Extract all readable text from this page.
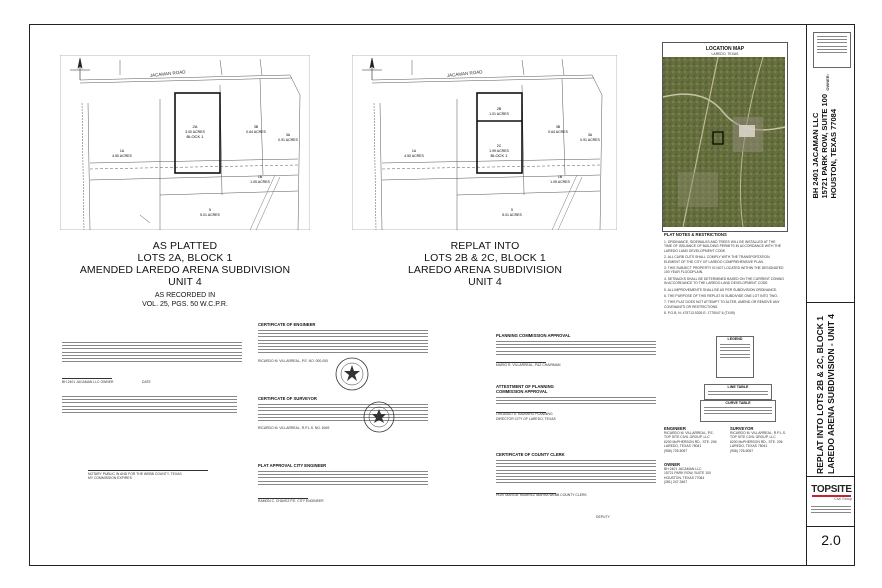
JACAMAN ROAD
2A
3.00 ACRES
BLOCK 1
1A
4.50 ACRES
3B
0.64 ACRES
3A
0.91 ACRES
1B
1.05 ACRES
5
5.01 ACRES
JACAMAN ROAD
2B
1.01 ACRES
2C
1.99 ACRES
BLOCK 1
1A
4.50 ACRES
3B
0.64 ACRES
3A
0.91 ACRES
1B
1.05 ACRES
5
5.01 ACRES
AS PLATTED
LOTS 2A, BLOCK 1
AMENDED LAREDO ARENA SUBDIVISION
UNIT 4
AS RECORDED IN
VOL. 25, PGS. 50 W.C.P.R.
REPLAT INTO
LOTS 2B & 2C, BLOCK 1
LAREDO ARENA SUBDIVISION
UNIT 4
LOCATION MAP
LAREDO, TEXAS
PLAT NOTES & RESTRICTIONS
1. ORDINANCE, SIDEWALKS AND TREES WILL BE INSTALLED AT THE TIME OF ISSUANCE OF BUILDING PERMITS IN ACCORDANCE WITH THE LAREDO LAND DEVELOPMENT CODE.
2. ALL CURB CUTS SHALL COMPLY WITH THE TRANSPORTATION ELEMENT OF THE CITY OF LAREDO COMPREHENSIVE PLAN.
3. THIS SUBJECT PROPERTY IS NOT LOCATED WITHIN THE DESIGNATED 100 YEAR FLOODPLAIN.
4. SETBACKS SHALL BE DETERMINED BASED ON THE CURRENT ZONING IN ACCORDANCE TO THE LAREDO LAND DEVELOPMENT CODE.
5. ALL IMPROVEMENTS SHALL BE AS PER SUBDIVISION ORDINANCE.
6. THE PURPOSE OF THIS REPLAT IS SUBDIVIDE ONE LOT INTO TWO.
7. THIS PLAT DOES NOT ATTEMPT TO ALTER, AMEND OR REMOVE ANY COVENANTS OR RESTRICTIONS.
8. P.O.B. N: 475713.5326 E: 1775047.6 (TX49)
LEGEND
LINE TABLE
CURVE TABLE
ENGINEER
RICARDO M. VILLARREAL, P.E.
TOP SITE CIVIL GROUP, LLC
6200 McPHERSON RD., STE. 206
LAREDO, TEXAS 78041
(956) 725-5057
SURVEYOR
RICARDO M. VILLARREAL, R.P.L.S.
TOP SITE CIVIL GROUP, LLC
6200 McPHERSON RD., STE. 206
LAREDO, TEXAS 78041
(956) 725-5057
OWNER
BH 2401 JACAMAN LLC
15721 PARK ROW, SUITE 100
HOUSTON, TEXAS 77084
(281) 247-3467
BH 2401 JACAMAN LLC OWNER	DATE
NOTARY PUBLIC IN AND FOR THE WEBB COUNTY, TEXAS
MY COMMISSION EXPIRES
CERTIFICATE OF ENGINEER
RICARDO M. VILLARREAL, P.E. NO. 000-000
CERTIFICATE OF SURVEYOR
RICARDO M. VILLARREAL, R.P.L.S. NO. 6049
PLAT APPROVAL CITY ENGINEER
RAMON C. CHAVEZ P.E. CITY ENGINEER
PLANNING COMMISSION APPROVAL
MARIO R. VILLARREAL, P&Z CHAIRMAN
ATTESTMENT OF PLANNING COMMISSION APPROVAL
ORLANDO D. NAVARRO PLANNING DIRECTOR CITY OF LAREDO, TEXAS
CERTIFICATE OF COUNTY CLERK
HON. MARGIE RAMIREZ IBARRA WEBB COUNTY CLERK
DEPUTY
OWNER:
BH 2401 JACAMAN LLC 15721 PARK ROW, SUITE 100 HOUSTON, TEXAS 77084
REPLAT INTO LOTS 2B & 2C, BLOCK 1 LAREDO ARENA SUBDIVISION - UNIT 4
TOPSITE
Civil Group
2.0
